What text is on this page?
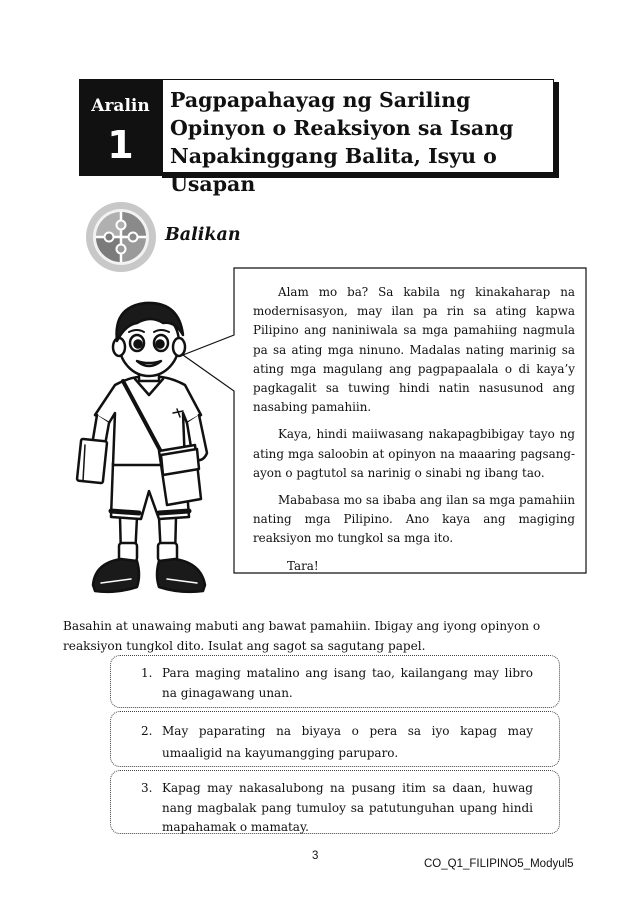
Aralin
1
Pagpapahayag ng Sariling Opinyon o Reaksiyon sa Isang Napakinggang Balita, Isyu o Usapan
Balikan

Alam mo ba? Sa kabila ng kinakaharap na modernisasyon, may ilan pa rin sa ating kapwa Pilipino ang naniniwala sa mga pamahiing nagmula pa sa ating mga ninuno. Madalas nating marinig sa ating mga magulang ang pagpapaalala o di kaya’y pagkagalit sa tuwing hindi natin nasusunod ang nasabing pamahiin.

Kaya, hindi maiiwasang nakapagbibigay tayo ng ating mga saloobin at opinyon na maaaring pagsang-ayon o pagtutol sa narinig o sinabi ng ibang tao.

Mababasa mo sa ibaba ang ilan sa mga pamahiin nating mga Pilipino. Ano kaya ang magiging reaksiyon mo tungkol sa mga ito.

Tara!

Basahin at unawaing mabuti ang bawat pamahiin. Ibigay ang iyong opinyon o reaksiyon tungkol dito. Isulat ang sagot sa sagutang papel.
1. Para maging matalino ang isang tao, kailangang may libro na ginagawang unan.
2. May paparating na biyaya o pera sa iyo kapag may umaaligid na kayumangging paruparo.
3. Kapag may nakasalubong na pusang itim sa daan, huwag nang magbalak pang tumuloy sa patutunguhan upang hindi mapahamak o mamatay.
3
CO_Q1_FILIPINO5_Modyul5
